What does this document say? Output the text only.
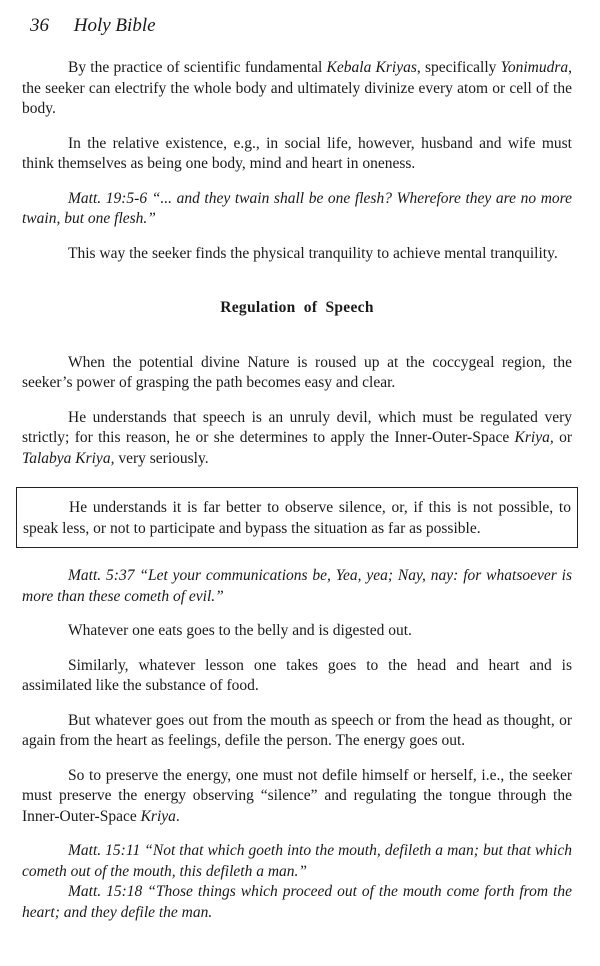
36 Holy Bible

By the practice of scientific fundamental Kebala Kriyas, specifically Yonimudra, the seeker can electrify the whole body and ultimately divinize every atom or cell of the body.

In the relative existence, e.g., in social life, however, husband and wife must think themselves as being one body, mind and heart in oneness.

Matt. 19:5-6 “... and they twain shall be one flesh? Wherefore they are no more twain, but one flesh.”

This way the seeker finds the physical tranquility to achieve mental tranquility.

Regulation of Speech

When the potential divine Nature is roused up at the coccygeal region, the seeker’s power of grasping the path becomes easy and clear.

He understands that speech is an unruly devil, which must be regulated very strictly; for this reason, he or she determines to apply the Inner-Outer-Space Kriya, or Talabya Kriya, very seriously.

He understands it is far better to observe silence, or, if this is not possible, to speak less, or not to participate and bypass the situation as far as possible.

Matt. 5:37 “Let your communications be, Yea, yea; Nay, nay: for whatsoever is more than these cometh of evil.”

Whatever one eats goes to the belly and is digested out.

Similarly, whatever lesson one takes goes to the head and heart and is assimilated like the substance of food.

But whatever goes out from the mouth as speech or from the head as thought, or again from the heart as feelings, defile the person. The energy goes out.

So to preserve the energy, one must not defile himself or herself, i.e., the seeker must preserve the energy observing “silence” and regulating the tongue through the Inner-Outer-Space Kriya.

Matt. 15:11 “Not that which goeth into the mouth, defileth a man; but that which cometh out of the mouth, this defileth a man.”

Matt. 15:18 “Those things which proceed out of the mouth come forth from the heart; and they defile the man.
